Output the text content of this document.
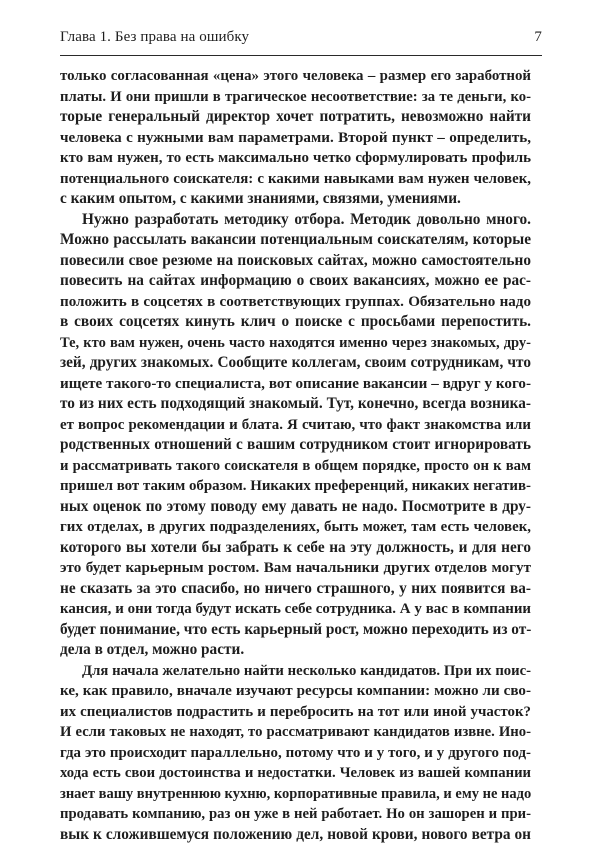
Глава 1. Без права на ошибку	7

только согласованная «цена» этого человека – размер его заработной
платы. И они пришли в трагическое несоответствие: за те деньги, ко-
торые генеральный директор хочет потратить, невозможно найти
человека с нужными вам параметрами. Второй пункт – определить,
кто вам нужен, то есть максимально четко сформулировать профиль
потенциального соискателя: с какими навыками вам нужен человек,
с каким опытом, с какими знаниями, связями, умениями.

Нужно разработать методику отбора. Методик довольно много.
Можно рассылать вакансии потенциальным соискателям, которые
повесили свое резюме на поисковых сайтах, можно самостоятельно
повесить на сайтах информацию о своих вакансиях, можно ее рас-
положить в соцсетях в соответствующих группах. Обязательно надо
в своих соцсетях кинуть клич о поиске с просьбами перепостить.
Те, кто вам нужен, очень часто находятся именно через знакомых, дру-
зей, других знакомых. Сообщите коллегам, своим сотрудникам, что
ищете такого-то специалиста, вот описание вакансии – вдруг у кого-
то из них есть подходящий знакомый. Тут, конечно, всегда возника-
ет вопрос рекомендации и блата. Я считаю, что факт знакомства или
родственных отношений с вашим сотрудником стоит игнорировать
и рассматривать такого соискателя в общем порядке, просто он к вам
пришел вот таким образом. Никаких преференций, никаких негатив-
ных оценок по этому поводу ему давать не надо. Посмотрите в дру-
гих отделах, в других подразделениях, быть может, там есть человек,
которого вы хотели бы забрать к себе на эту должность, и для него
это будет карьерным ростом. Вам начальники других отделов могут
не сказать за это спасибо, но ничего страшного, у них появится ва-
кансия, и они тогда будут искать себе сотрудника. А у вас в компании
будет понимание, что есть карьерный рост, можно переходить из от-
дела в отдел, можно расти.

Для начала желательно найти несколько кандидатов. При их поис-
ке, как правило, вначале изучают ресурсы компании: можно ли сво-
их специалистов подрастить и перебросить на тот или иной участок?
И если таковых не находят, то рассматривают кандидатов извне. Ино-
гда это происходит параллельно, потому что и у того, и у другого под-
хода есть свои достоинства и недостатки. Человек из вашей компании
знает вашу внутреннюю кухню, корпоративные правила, и ему не надо
продавать компанию, раз он уже в ней работает. Но он зашорен и при-
вык к сложившемуся положению дел, новой крови, нового ветра он
